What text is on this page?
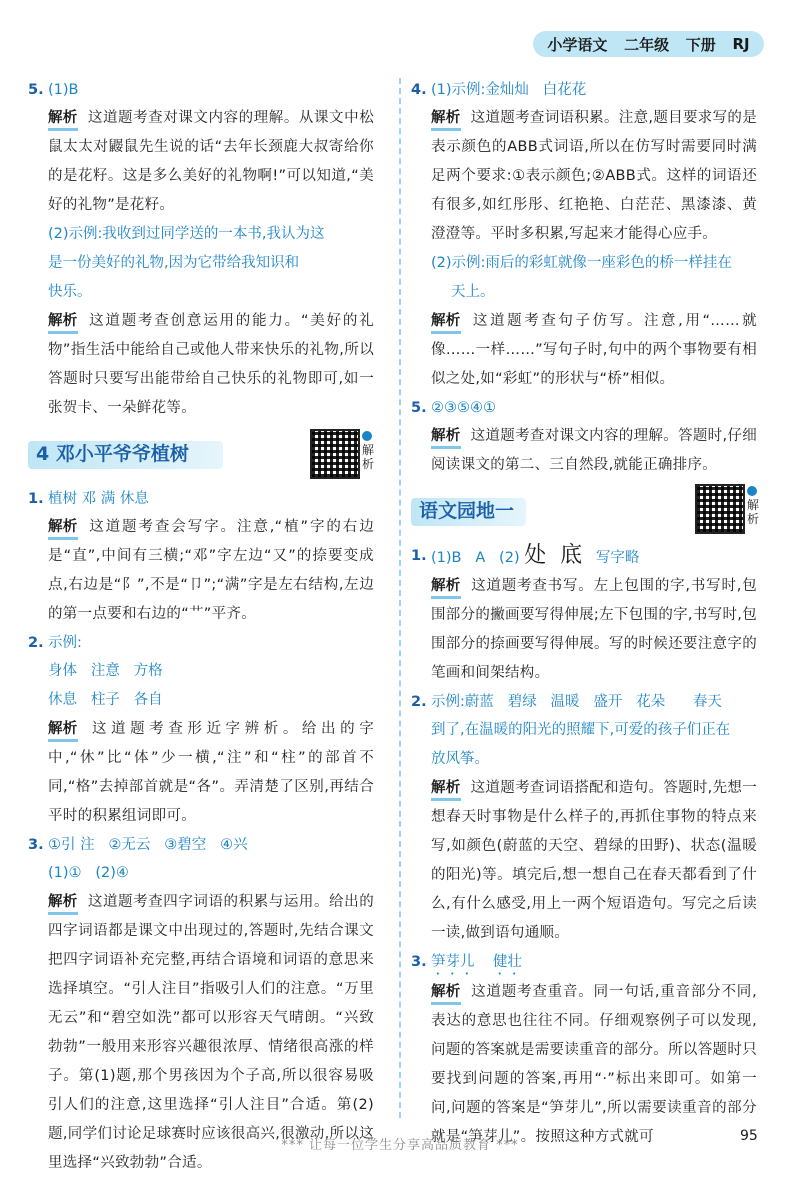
小学语文 二年级 下册 RJ
5. (1)B
解析 这道题考查对课文内容的理解。从课文中松鼠太太对鼹鼠先生说的话“去年长颈鹿大叔寄给你的是花籽。这是多么美好的礼物啊!”可以知道,“美好的礼物”是花籽。
(2)示例:我收到过同学送的一本书,我认为这
是一份美好的礼物,因为它带给我知识和
快乐。
解析 这道题考查创意运用的能力。“美好的礼物”指生活中能给自己或他人带来快乐的礼物,所以答题时只要写出能带给自己快乐的礼物即可,如一张贺卡、一朵鲜花等。
4 邓小平爷爷植树	解析
1. 植树 邓 满 休息
解析 这道题考查会写字。注意,“植”字的右边是“直”,中间有三横;“邓”字左边“又”的捺要变成点,右边是“阝”,不是“卩”;“满”字是左右结构,左边的第一点要和右边的“艹”平齐。
2. 示例:
身体   注意   方格
休息   柱子   各自
解析 这道题考查形近字辨析。给出的字中,“休”比“体”少一横,“注”和“柱”的部首不同,“格”去掉部首就是“各”。弄清楚了区别,再结合平时的积累组词即可。
3. ①引 注   ②无云   ③碧空   ④兴
(1)①   (2)④
解析 这道题考查四字词语的积累与运用。给出的四字词语都是课文中出现过的,答题时,先结合课文把四字词语补充完整,再结合语境和词语的意思来选择填空。“引人注目”指吸引人们的注意。“万里无云”和“碧空如洗”都可以形容天气晴朗。“兴致勃勃”一般用来形容兴趣很浓厚、情绪很高涨的样子。第(1)题,那个男孩因为个子高,所以很容易吸引人们的注意,这里选择“引人注目”合适。第(2)题,同学们讨论足球赛时应该很高兴,很激动,所以这里选择“兴致勃勃”合适。
4. (1)示例:金灿灿   白花花
解析 这道题考查词语积累。注意,题目要求写的是表示颜色的ABB式词语,所以在仿写时需要同时满足两个要求:①表示颜色;②ABB式。这样的词语还有很多,如红彤彤、红艳艳、白茫茫、黑漆漆、黄澄澄等。平时多积累,写起来才能得心应手。
(2)示例:雨后的彩虹就像一座彩色的桥一样挂在
天上。
解析 这道题考查句子仿写。注意,用“……就像……一样……”写句子时,句中的两个事物要有相似之处,如“彩虹”的形状与“桥”相似。
5. ②③⑤④①
解析 这道题考查对课文内容的理解。答题时,仔细阅读课文的第二、三自然段,就能正确排序。
语文园地一	解析
1. (1)B   A   (2) 处 底 写字略
解析 这道题考查书写。左上包围的字,书写时,包围部分的撇画要写得伸展;左下包围的字,书写时,包围部分的捺画要写得伸展。写的时候还要注意字的笔画和间架结构。
2. 示例:蔚蓝   碧绿   温暖   盛开   花朵      春天
到了,在温暖的阳光的照耀下,可爱的孩子们正在
放风筝。
解析 这道题考查词语搭配和造句。答题时,先想一想春天时事物是什么样子的,再抓住事物的特点来写,如颜色(蔚蓝的天空、碧绿的田野)、状态(温暖的阳光)等。填完后,想一想自己在春天都看到了什么,有什么感受,用上一两个短语造句。写完之后读一读,做到语句通顺。
3. 笋芽儿 健壮
解析 这道题考查重音。同一句话,重音部分不同,表达的意思也往往不同。仔细观察例子可以发现,问题的答案就是需要读重音的部分。所以答题时只要找到问题的答案,再用“·”标出来即可。如第一问,问题的答案是“笋芽儿”,所以需要读重音的部分就是“笋芽儿”。按照这种方式就可
*** 让每一位学生分享高品质教育 ***
95
